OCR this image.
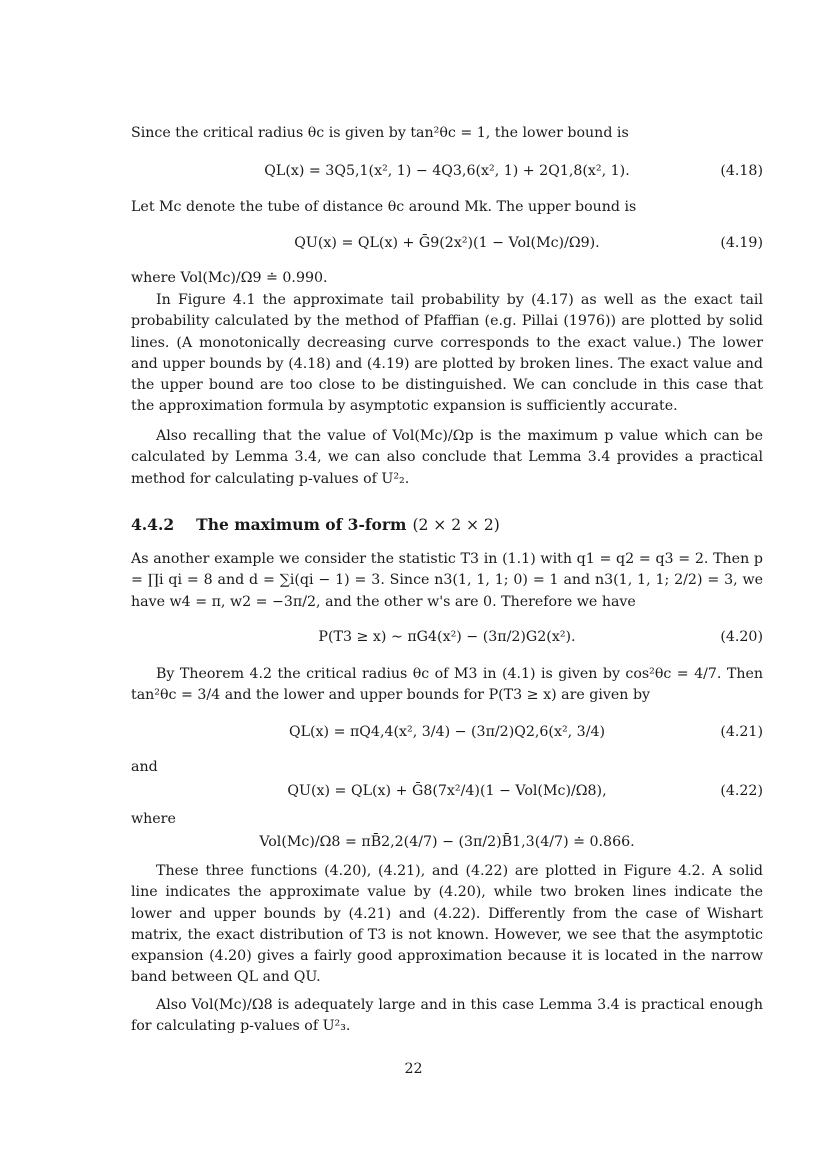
Since the critical radius θc is given by tan²θc = 1, the lower bound is

QL(x) = 3Q5,1(x², 1) − 4Q3,6(x², 1) + 2Q1,8(x², 1).	(4.18)

Let Mc denote the tube of distance θc around Mk. The upper bound is

QU(x) = QL(x) + Ḡ9(2x²)(1 − Vol(Mc)/Ω9).	(4.19)

where Vol(Mc)/Ω9 ≐ 0.990.

In Figure 4.1 the approximate tail probability by (4.17) as well as the exact tail probability calculated by the method of Pfaffian (e.g. Pillai (1976)) are plotted by solid lines. (A monotonically decreasing curve corresponds to the exact value.) The lower and upper bounds by (4.18) and (4.19) are plotted by broken lines. The exact value and the upper bound are too close to be distinguished. We can conclude in this case that the approximation formula by asymptotic expansion is sufficiently accurate.

Also recalling that the value of Vol(Mc)/Ωp is the maximum p value which can be calculated by Lemma 3.4, we can also conclude that Lemma 3.4 provides a practical method for calculating p-values of U²₂.

4.4.2 The maximum of 3-form (2 × 2 × 2)

As another example we consider the statistic T3 in (1.1) with q1 = q2 = q3 = 2. Then p = ∏i qi = 8 and d = ∑i(qi − 1) = 3. Since n3(1, 1, 1; 0) = 1 and n3(1, 1, 1; 2/2) = 3, we have w4 = π, w2 = −3π/2, and the other w's are 0. Therefore we have

P(T3 ≥ x) ∼ πG4(x²) − (3π/2)G2(x²).	(4.20)

By Theorem 4.2 the critical radius θc of M3 in (4.1) is given by cos²θc = 4/7. Then tan²θc = 3/4 and the lower and upper bounds for P(T3 ≥ x) are given by

QL(x) = πQ4,4(x², 3/4) − (3π/2)Q2,6(x², 3/4)	(4.21)

and

QU(x) = QL(x) + Ḡ8(7x²/4)(1 − Vol(Mc)/Ω8),	(4.22)

where

Vol(Mc)/Ω8 = πB̄2,2(4/7) − (3π/2)B̄1,3(4/7) ≐ 0.866.

These three functions (4.20), (4.21), and (4.22) are plotted in Figure 4.2. A solid line indicates the approximate value by (4.20), while two broken lines indicate the lower and upper bounds by (4.21) and (4.22). Differently from the case of Wishart matrix, the exact distribution of T3 is not known. However, we see that the asymptotic expansion (4.20) gives a fairly good approximation because it is located in the narrow band between QL and QU.

Also Vol(Mc)/Ω8 is adequately large and in this case Lemma 3.4 is practical enough for calculating p-values of U²₃.

22
